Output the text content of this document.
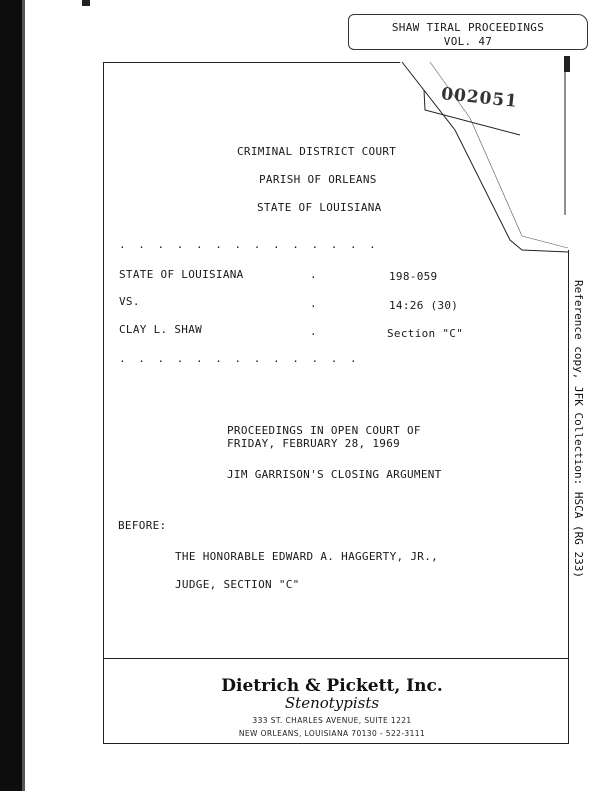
SHAW TIRAL PROCEEDINGS
VOL. 47
002051
CRIMINAL DISTRICT COURT
PARISH OF ORLEANS
STATE OF LOUISIANA
. . . . . . . . . . . . . .
STATE OF LOUISIANA	.	198-059
VS.	.	14:26 (30)
CLAY L. SHAW	.	Section "C"
. . . . . . . . . . . . .
PROCEEDINGS IN OPEN COURT OF
FRIDAY, FEBRUARY 28, 1969
JIM GARRISON'S CLOSING ARGUMENT
BEFORE:
THE HONORABLE EDWARD A. HAGGERTY, JR.,
JUDGE, SECTION "C"
Dietrich & Pickett, Inc.
Stenotypists
333 ST. CHARLES AVENUE, SUITE 1221
NEW ORLEANS, LOUISIANA 70130 - 522-3111
Reference copy, JFK Collection: HSCA (RG 233)
